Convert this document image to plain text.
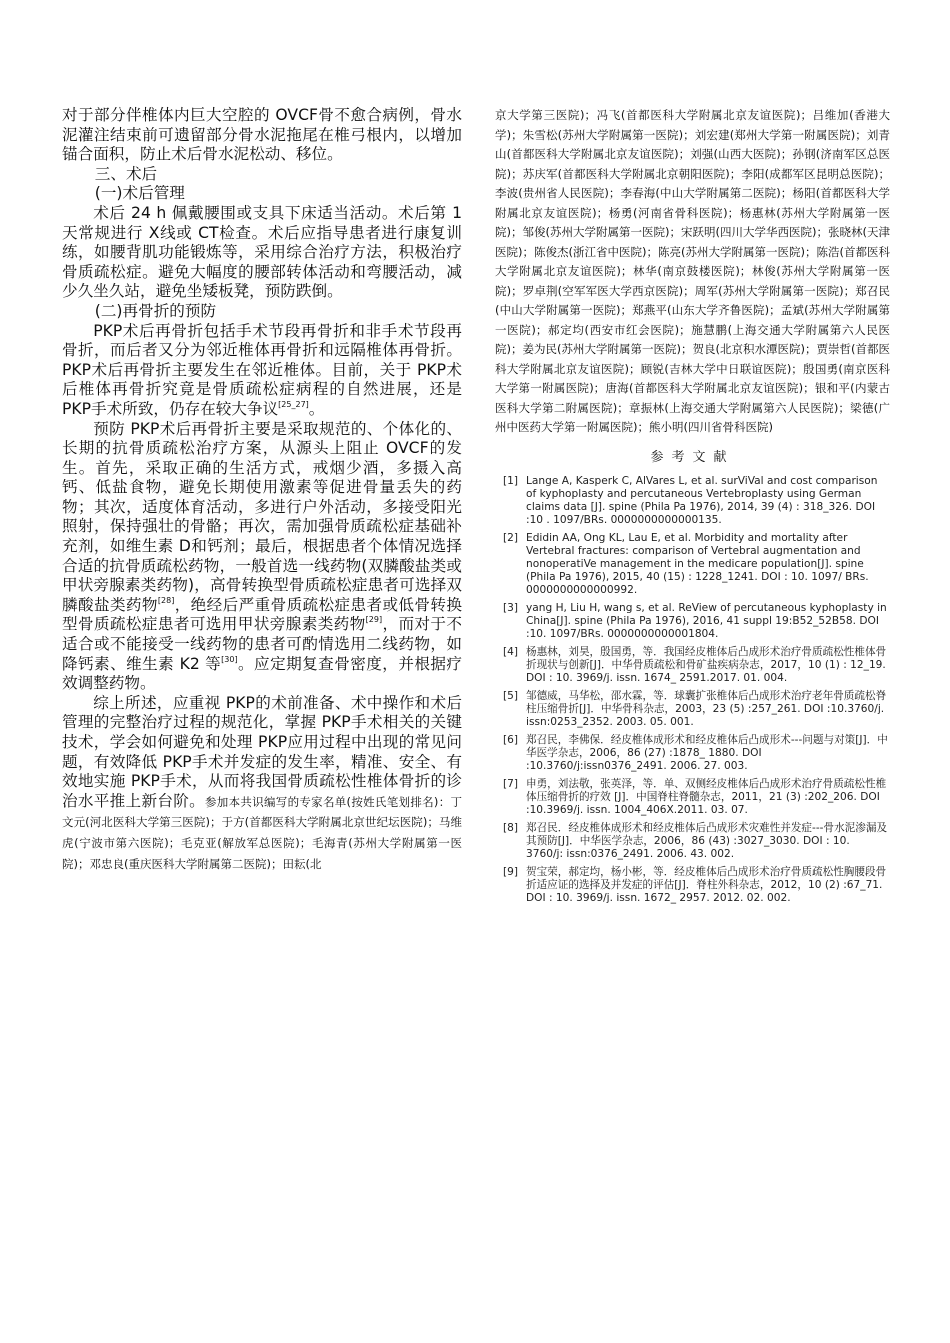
对于部分伴椎体内巨大空腔的 OVCF骨不愈合病例，骨水泥灌注结束前可遗留部分骨水泥拖尾在椎弓根内，以增加锚合面积，防止术后骨水泥松动、移位。

三、术后

(一)术后管理

术后 24 h 佩戴腰围或支具下床适当活动。术后第 1 天常规进行 X线或 CT检查。术后应指导患者进行康复训练，如腰背肌功能锻炼等，采用综合治疗方法，积极治疗骨质疏松症。避免大幅度的腰部转体活动和弯腰活动，减少久坐久站，避免坐矮板凳，预防跌倒。

(二)再骨折的预防

PKP术后再骨折包括手术节段再骨折和非手术节段再骨折，而后者又分为邻近椎体再骨折和远隔椎体再骨折。PKP术后再骨折主要发生在邻近椎体。目前，关于 PKP术后椎体再骨折究竟是骨质疏松症病程的自然进展，还是 PKP手术所致，仍存在较大争议[25_27]。

预防 PKP术后再骨折主要是采取规范的、个体化的、长期的抗骨质疏松治疗方案，从源头上阻止 OVCF的发生。首先，采取正确的生活方式，戒烟少酒，多摄入高钙、低盐食物，避免长期使用激素等促进骨量丢失的药物；其次，适度体育活动，多进行户外活动，多接受阳光照射，保持强壮的骨骼；再次，需加强骨质疏松症基础补充剂，如维生素 D和钙剂；最后，根据患者个体情况选择合适的抗骨质疏松药物，一般首选一线药物(双膦酸盐类或甲状旁腺素类药物)，高骨转换型骨质疏松症患者可选择双膦酸盐类药物[28]，绝经后严重骨质疏松症患者或低骨转换型骨质疏松症患者可选用甲状旁腺素类药物[29]，而对于不适合或不能接受一线药物的患者可酌情选用二线药物，如降钙素、维生素 K2 等[30]。应定期复查骨密度，并根据疗效调整药物。

综上所述，应重视 PKP的术前准备、术中操作和术后管理的完整治疗过程的规范化，掌握 PKP手术相关的关键技术，学会如何避免和处理 PKP应用过程中出现的常见问题，有效降低 PKP手术并发症的发生率，精准、安全、有效地实施 PKP手术，从而将我国骨质疏松性椎体骨折的诊治水平推上新台阶。参加本共识编写的专家名单(按姓氏笔划排名)：丁文元(河北医科大学第三医院)；于方(首都医科大学附属北京世纪坛医院)；马维虎(宁波市第六医院)；毛克亚(解放军总医院)；毛海青(苏州大学附属第一医院)；邓忠良(重庆医科大学附属第二医院)；田耘(北

京大学第三医院)；冯飞(首都医科大学附属北京友谊医院)；吕维加(香港大学)；朱雪松(苏州大学附属第一医院)；刘宏建(郑州大学第一附属医院)；刘青山(首都医科大学附属北京友谊医院)；刘强(山西大医院)；孙钢(济南军区总医院)；苏庆军(首都医科大学附属北京朝阳医院)；李阳(成都军区昆明总医院)；李波(贵州省人民医院)；李春海(中山大学附属第二医院)；杨阳(首都医科大学附属北京友谊医院)；杨勇(河南省骨科医院)；杨惠林(苏州大学附属第一医院)；邹俊(苏州大学附属第一医院)；宋跃明(四川大学华西医院)；张晓林(天津医院)；陈俊杰(浙江省中医院)；陈亮(苏州大学附属第一医院)；陈浩(首都医科大学附属北京友谊医院)；林华(南京鼓楼医院)；林俊(苏州大学附属第一医院)；罗卓荆(空军军医大学西京医院)；周军(苏州大学附属第一医院)；郑召民(中山大学附属第一医院)；郑燕平(山东大学齐鲁医院)；孟斌(苏州大学附属第一医院)；郝定均(西安市红会医院)；施慧鹏(上海交通大学附属第六人民医院)；姜为民(苏州大学附属第一医院)；贺良(北京积水潭医院)；贾崇哲(首都医科大学附属北京友谊医院)；顾锐(吉林大学中日联谊医院)；殷国勇(南京医科大学第一附属医院)；唐海(首都医科大学附属北京友谊医院)；银和平(内蒙古医科大学第二附属医院)；章振林(上海交通大学附属第六人民医院)；梁德(广州中医药大学第一附属医院)；熊小明(四川省骨科医院)

参考文献
[1] Lange A, Kasperk C, AlVares L, et al. surViVal and cost comparison of kyphoplasty and percutaneous Vertebroplasty using German claims data [J]. spine (Phila Pa 1976), 2014, 39 (4) : 318_326. DOI :10 . 1097/BRs. 0000000000000135.
[2] Edidin AA, Ong KL, Lau E, et al. Morbidity and mortality after Vertebral fractures: comparison of Vertebral augmentation and nonoperatiVe management in the medicare population[J]. spine (Phila Pa 1976), 2015, 40 (15) : 1228_1241. DOI : 10. 1097/ BRs. 0000000000000992.
[3] yang H, Liu H, wang s, et al. ReView of percutaneous kyphoplasty in China[J]. spine (Phila Pa 1976), 2016, 41 suppl 19:B52_52B58. DOI :10. 1097/BRs. 0000000000001804.
[4] 杨惠林，刘昊，殷国勇，等．我国经皮椎体后凸成形术治疗骨质疏松性椎体骨折现状与创新[J]．中华骨质疏松和骨矿盐疾病杂志，2017，10 (1) : 12_19. DOI : 10. 3969/j. issn. 1674_ 2591.2017. 01. 004.
[5] 邹德威，马华松，邵水霖，等．球囊扩张椎体后凸成形术治疗老年骨质疏松脊柱压缩骨折[J]．中华骨科杂志，2003，23 (5) :257_261. DOI :10.3760/j. issn:0253_2352. 2003. 05. 001.
[6] 郑召民，李佛保．经皮椎体成形术和经皮椎体后凸成形术---问题与对策[J]．中华医学杂志，2006，86 (27) :1878_ 1880. DOI :10.3760/j:issn0376_2491. 2006. 27. 003.
[7] 申勇，刘法敬，张英泽，等．单、双侧经皮椎体后凸成形术治疗骨质疏松性椎体压缩骨折的疗效 [J]．中国脊柱脊髓杂志，2011，21 (3) :202_206. DOI :10.3969/j. issn. 1004_406X.2011. 03. 07.
[8] 郑召民．经皮椎体成形术和经皮椎体后凸成形术灾难性并发症---骨水泥渗漏及其预防[J]．中华医学杂志，2006，86 (43) :3027_3030. DOI : 10. 3760/j: issn:0376_2491. 2006. 43. 002.
[9] 贺宝荣，郝定均，杨小彬，等．经皮椎体后凸成形术治疗骨质疏松性胸腰段骨折适应证的选择及并发症的评估[J]．脊柱外科杂志，2012，10 (2) :67_71. DOI : 10. 3969/j. issn. 1672_ 2957. 2012. 02. 002.
